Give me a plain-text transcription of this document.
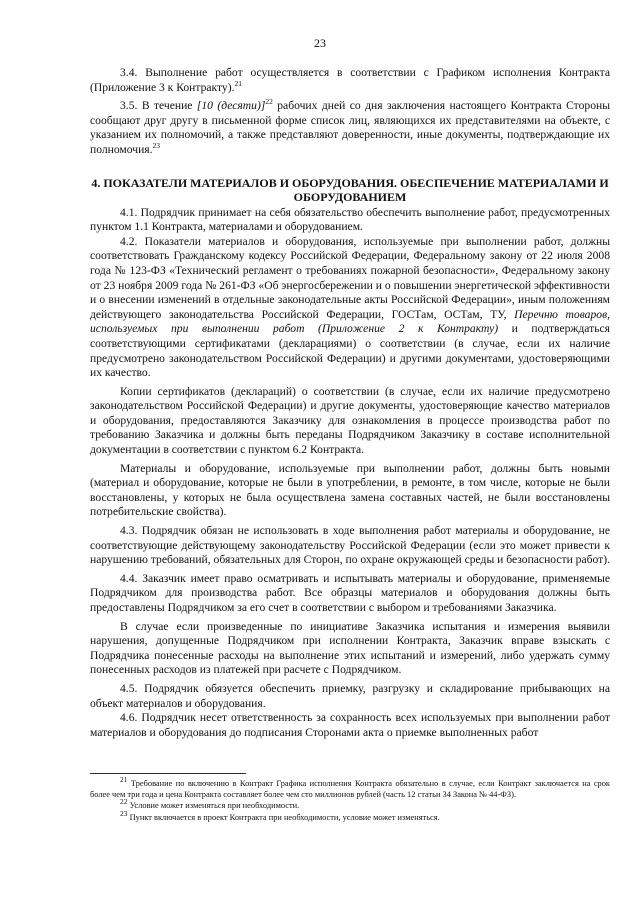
23

3.4. Выполнение работ осуществляется в соответствии с Графиком исполнения Контракта (Приложение 3 к Контракту).$^{21}$

3.5. В течение [10 (десяти)]$^{22}$ рабочих дней со дня заключения настоящего Контракта Стороны сообщают друг другу в письменной форме список лиц, являющихся их представителями на объекте, с указанием их полномочий, а также представляют доверенности, иные документы, подтверждающие их полномочия.$^{23}$

4. ПОКАЗАТЕЛИ МАТЕРИАЛОВ И ОБОРУДОВАНИЯ. ОБЕСПЕЧЕНИЕ МАТЕРИАЛАМИ И ОБОРУДОВАНИЕМ

4.1. Подрядчик принимает на себя обязательство обеспечить выполнение работ, предусмотренных пунктом 1.1 Контракта, материалами и оборудованием.

4.2. Показатели материалов и оборудования, используемые при выполнении работ, должны соответствовать Гражданскому кодексу Российской Федерации, Федеральному закону от 22 июля 2008 года № 123-ФЗ «Технический регламент о требованиях пожарной безопасности», Федеральному закону от 23 ноября 2009 года № 261-ФЗ «Об энергосбережении и о повышении энергетической эффективности и о внесении изменений в отдельные законодательные акты Российской Федерации», иным положениям действующего законодательства Российской Федерации, ГОСТам, ОСТам, ТУ, Перечню товаров, используемых при выполнении работ (Приложение 2 к Контракту) и подтверждаться соответствующими сертификатами (декларациями) о соответствии (в случае, если их наличие предусмотрено законодательством Российской Федерации) и другими документами, удостоверяющими их качество.

Копии сертификатов (деклараций) о соответствии (в случае, если их наличие предусмотрено законодательством Российской Федерации) и другие документы, удостоверяющие качество материалов и оборудования, предоставляются Заказчику для ознакомления в процессе производства работ по требованию Заказчика и должны быть переданы Подрядчиком Заказчику в составе исполнительной документации в соответствии с пунктом 6.2 Контракта.

Материалы и оборудование, используемые при выполнении работ, должны быть новыми (материал и оборудование, которые не были в употреблении, в ремонте, в том числе, которые не были восстановлены, у которых не была осуществлена замена составных частей, не были восстановлены потребительские свойства).

4.3. Подрядчик обязан не использовать в ходе выполнения работ материалы и оборудование, не соответствующие действующему законодательству Российской Федерации (если это может привести к нарушению требований, обязательных для Сторон, по охране окружающей среды и безопасности работ).

4.4. Заказчик имеет право осматривать и испытывать материалы и оборудование, применяемые Подрядчиком для производства работ. Все образцы материалов и оборудования должны быть предоставлены Подрядчиком за его счет в соответствии с выбором и требованиями Заказчика.

В случае если произведенные по инициативе Заказчика испытания и измерения выявили нарушения, допущенные Подрядчиком при исполнении Контракта, Заказчик вправе взыскать с Подрядчика понесенные расходы на выполнение этих испытаний и измерений, либо удержать сумму понесенных расходов из платежей при расчете с Подрядчиком.

4.5. Подрядчик обязуется обеспечить приемку, разгрузку и складирование прибывающих на объект материалов и оборудования.

4.6. Подрядчик несет ответственность за сохранность всех используемых при выполнении работ материалов и оборудования до подписания Сторонами акта о приемке выполненных работ

$^{21}$ Требование по включению в Контракт Графика исполнения Контракта обязательно в случае, если Контракт заключается на срок более чем три года и цена Контракта составляет более чем сто миллионов рублей (часть 12 статьи 34 Закона № 44-ФЗ).

$^{22}$ Условие может изменяться при необходимости.

$^{23}$ Пункт включается в проект Контракта при необходимости, условие может изменяться.
